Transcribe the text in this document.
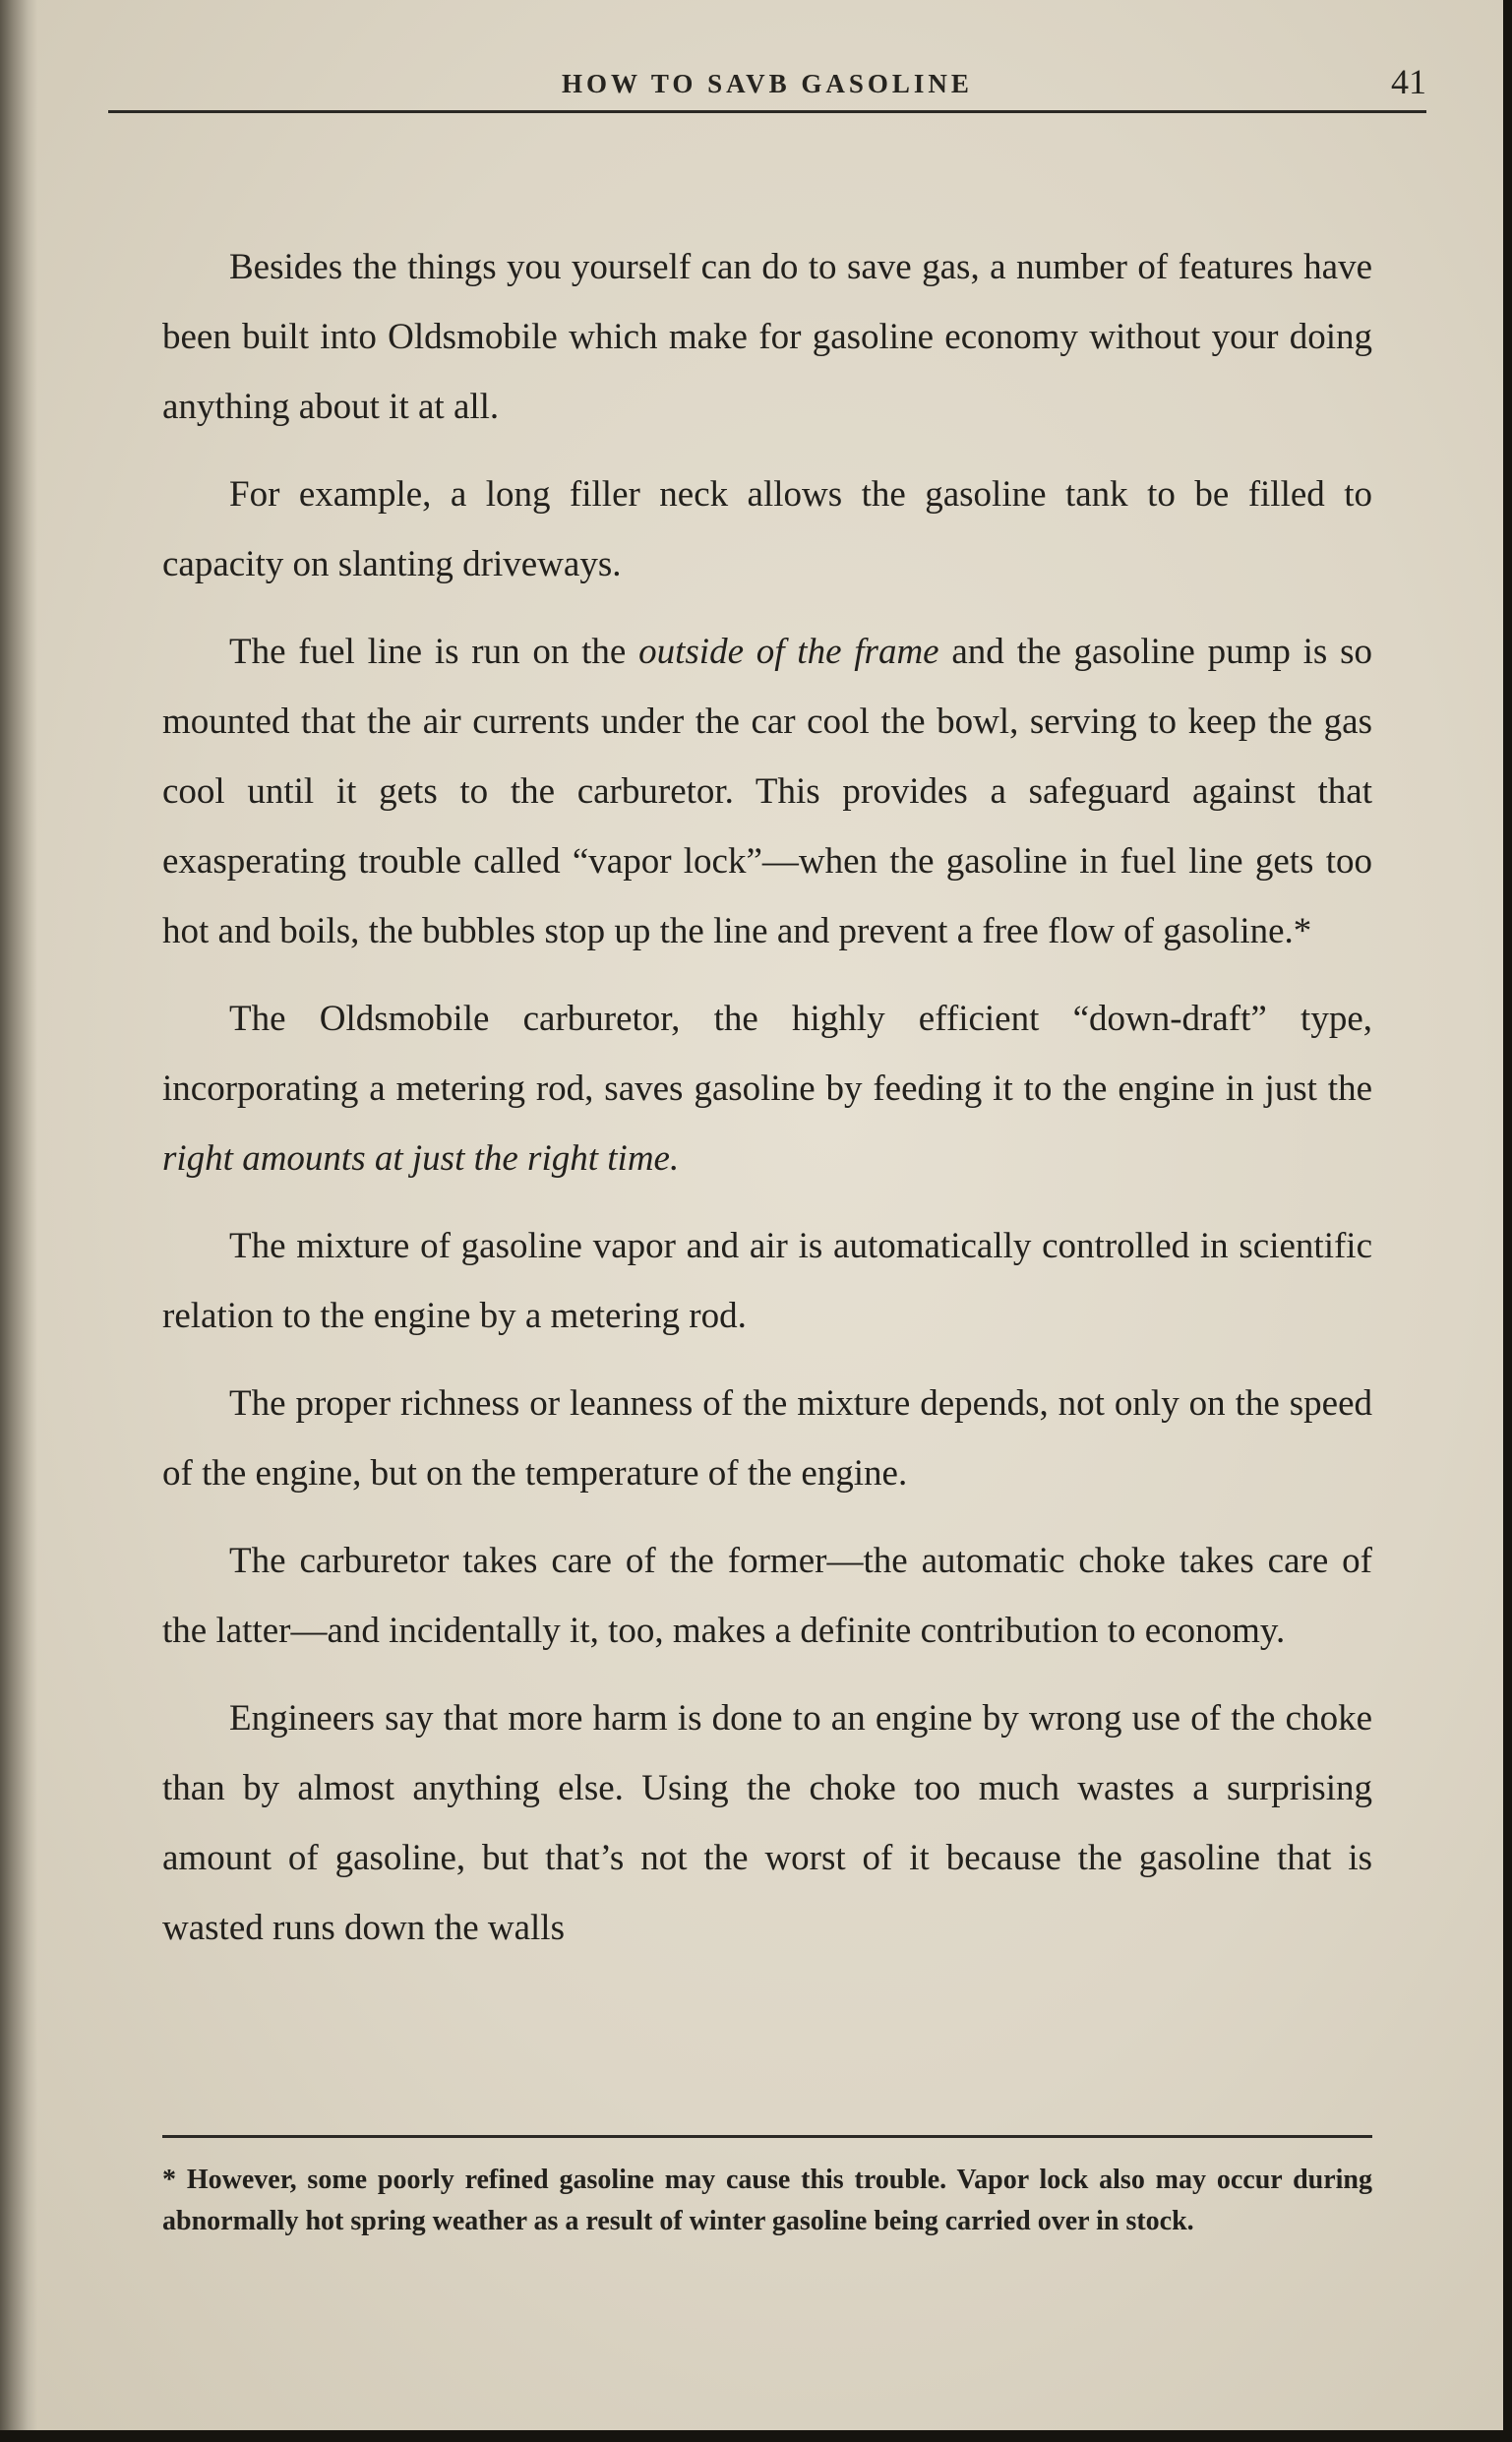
HOW TO SAVB GASOLINE	41

Besides the things you yourself can do to save gas, a number of features have been built into Oldsmobile which make for gasoline economy without your doing anything about it at all.

For example, a long filler neck allows the gasoline tank to be filled to capacity on slanting driveways.

The fuel line is run on the outside of the frame and the gasoline pump is so mounted that the air currents under the car cool the bowl, serving to keep the gas cool until it gets to the carburetor. This provides a safeguard against that exasperating trouble called “vapor lock”—when the gasoline in fuel line gets too hot and boils, the bubbles stop up the line and prevent a free flow of gasoline.*

The Oldsmobile carburetor, the highly efficient “down-draft” type, incorporating a metering rod, saves gasoline by feeding it to the engine in just the right amounts at just the right time.

The mixture of gasoline vapor and air is automatically controlled in scientific relation to the engine by a metering rod.

The proper richness or leanness of the mixture depends, not only on the speed of the engine, but on the temperature of the engine.

The carburetor takes care of the former—the automatic choke takes care of the latter—and incidentally it, too, makes a definite contribution to economy.

Engineers say that more harm is done to an engine by wrong use of the choke than by almost anything else. Using the choke too much wastes a surprising amount of gasoline, but that’s not the worst of it because the gasoline that is wasted runs down the walls

* However, some poorly refined gasoline may cause this trouble. Vapor lock also may occur during abnormally hot spring weather as a result of winter gasoline being carried over in stock.
